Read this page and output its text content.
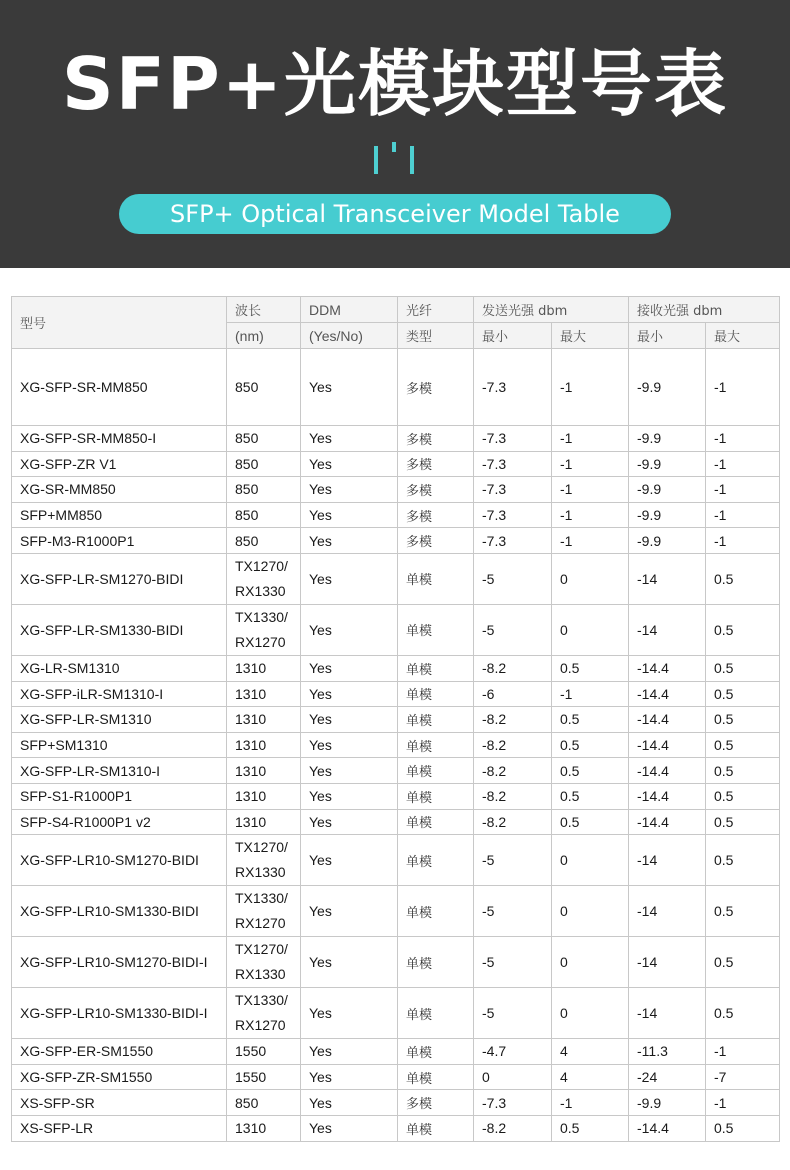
SFP+光模块型号表
SFP+ Optical Transceiver Model Table
型号	波长	DDM	光纤	发送光强 dbm		接收光强 dbm	
	(nm)	(Yes/No)	类型	最小	最大	最小	最大
XG-SFP-SR-MM850	850	Yes	多模	-7.3	-1	-9.9	-1
XG-SFP-SR-MM850-I	850	Yes	多模	-7.3	-1	-9.9	-1
XG-SFP-ZR V1	850	Yes	多模	-7.3	-1	-9.9	-1
XG-SR-MM850	850	Yes	多模	-7.3	-1	-9.9	-1
SFP+MM850	850	Yes	多模	-7.3	-1	-9.9	-1
SFP-M3-R1000P1	850	Yes	多模	-7.3	-1	-9.9	-1
XG-SFP-LR-SM1270-BIDI	TX1270/
RX1330	Yes	单模	-5	0	-14	0.5
XG-SFP-LR-SM1330-BIDI	TX1330/
RX1270	Yes	单模	-5	0	-14	0.5
XG-LR-SM1310	1310	Yes	单模	-8.2	0.5	-14.4	0.5
XG-SFP-iLR-SM1310-I	1310	Yes	单模	-6	-1	-14.4	0.5
XG-SFP-LR-SM1310	1310	Yes	单模	-8.2	0.5	-14.4	0.5
SFP+SM1310	1310	Yes	单模	-8.2	0.5	-14.4	0.5
XG-SFP-LR-SM1310-I	1310	Yes	单模	-8.2	0.5	-14.4	0.5
SFP-S1-R1000P1	1310	Yes	单模	-8.2	0.5	-14.4	0.5
SFP-S4-R1000P1 v2	1310	Yes	单模	-8.2	0.5	-14.4	0.5
XG-SFP-LR10-SM1270-BIDI	TX1270/
RX1330	Yes	单模	-5	0	-14	0.5
XG-SFP-LR10-SM1330-BIDI	TX1330/
RX1270	Yes	单模	-5	0	-14	0.5
XG-SFP-LR10-SM1270-BIDI-I	TX1270/
RX1330	Yes	单模	-5	0	-14	0.5
XG-SFP-LR10-SM1330-BIDI-I	TX1330/
RX1270	Yes	单模	-5	0	-14	0.5
XG-SFP-ER-SM1550	1550	Yes	单模	-4.7	4	-11.3	-1
XG-SFP-ZR-SM1550	1550	Yes	单模	0	4	-24	-7
XS-SFP-SR	850	Yes	多模	-7.3	-1	-9.9	-1
XS-SFP-LR	1310	Yes	单模	-8.2	0.5	-14.4	0.5
